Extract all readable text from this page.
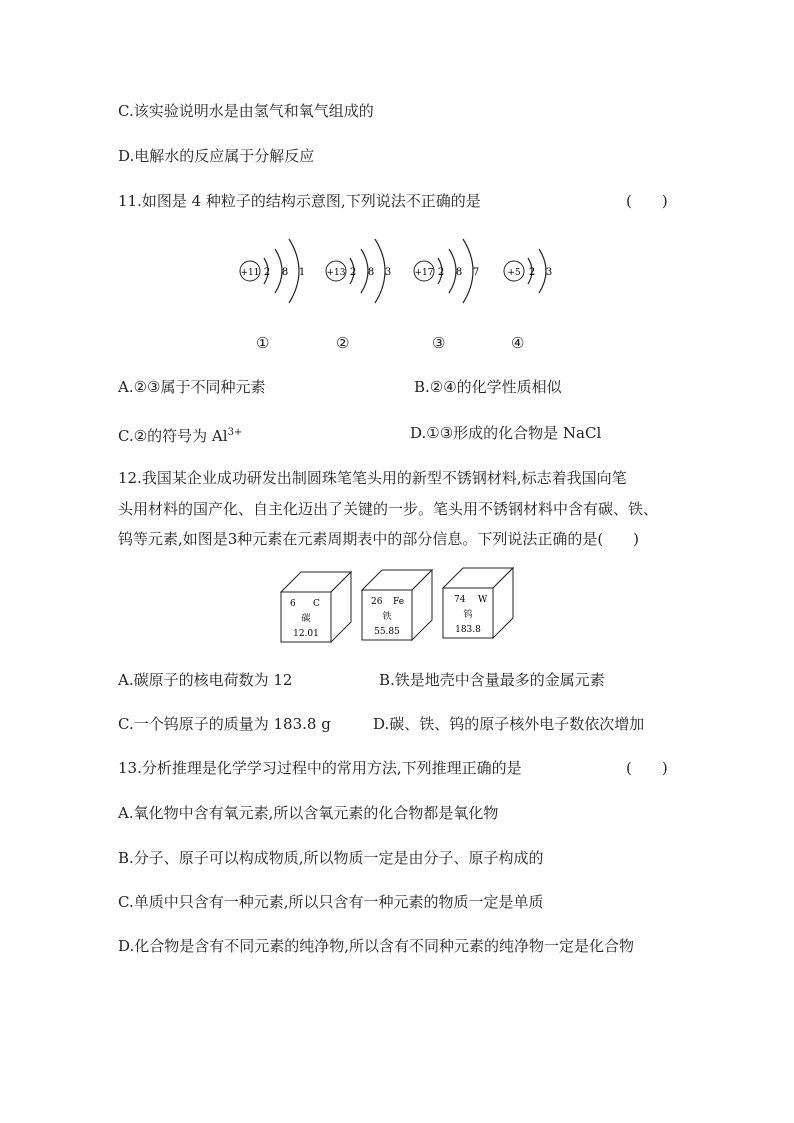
C.该实验说明水是由氢气和氧气组成的
D.电解水的反应属于分解反应
11.如图是 4 种粒子的结构示意图,下列说法不正确的是	(　　)
+11 2 8 1 +13 2 8 3	+17 2 8 7	+5 2 3
①	②	③	④
A.②③属于不同种元素	B.②④的化学性质相似
C.②的符号为 $Al^{3+}$	D.①③形成的化合物是 NaCl
12.我国某企业成功研发出制圆珠笔笔头用的新型不锈钢材料,标志着我国向笔
头用材料的国产化、自主化迈出了关键的一步。笔头用不锈钢材料中含有碳、铁、
钨等元素,如图是3种元素在元素周期表中的部分信息。下列说法正确的是(　　)
6 C
碳
12.01
26 Fe
铁
55.85
74 W
钨
183.8
A.碳原子的核电荷数为 12	B.铁是地壳中含量最多的金属元素
C.一个钨原子的质量为 183.8 g	D.碳、铁、钨的原子核外电子数依次增加
13.分析推理是化学学习过程中的常用方法,下列推理正确的是	(　　)
A.氧化物中含有氧元素,所以含氧元素的化合物都是氧化物
B.分子、原子可以构成物质,所以物质一定是由分子、原子构成的
C.单质中只含有一种元素,所以只含有一种元素的物质一定是单质
D.化合物是含有不同元素的纯净物,所以含有不同种元素的纯净物一定是化合物
